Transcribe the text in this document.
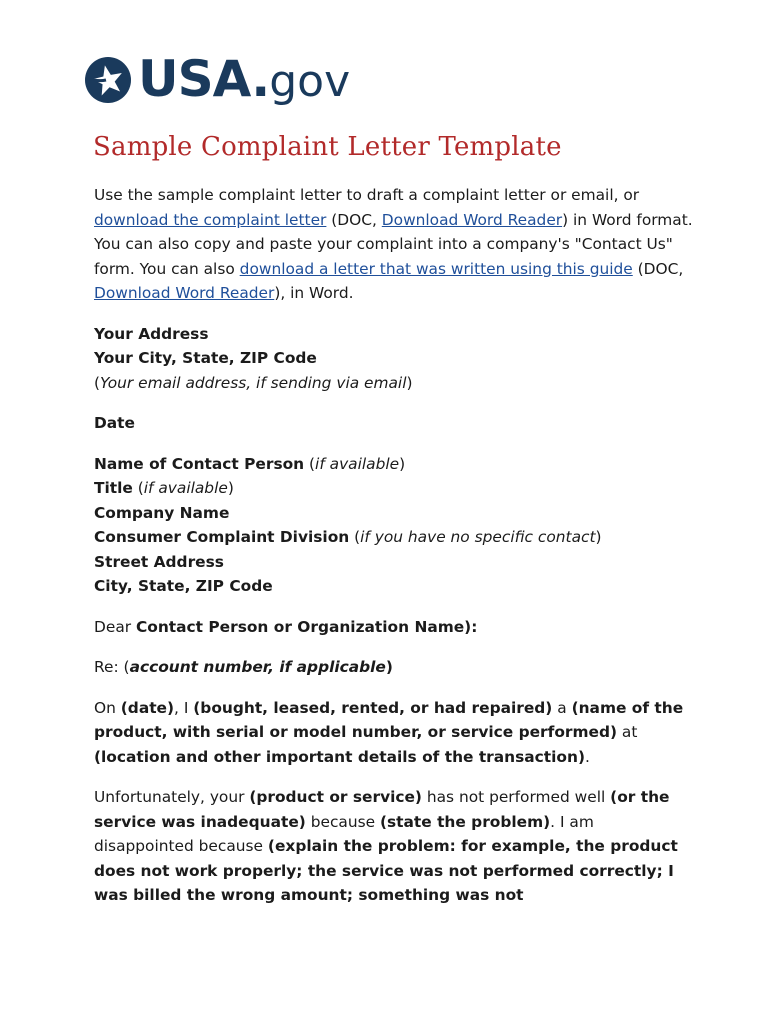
USA.gov
Sample Complaint Letter Template

Use the sample complaint letter to draft a complaint letter or email, or download the complaint letter (DOC, Download Word Reader) in Word format. You can also copy and paste your complaint into a company's "Contact Us" form. You can also download a letter that was written using this guide (DOC, Download Word Reader), in Word.

Your Address
Your City, State, ZIP Code
(Your email address, if sending via email)

Date

Name of Contact Person (if available)
Title (if available)
Company Name
Consumer Complaint Division (if you have no specific contact)
Street Address
City, State, ZIP Code

Dear Contact Person or Organization Name):

Re: (account number, if applicable)

On (date), I (bought, leased, rented, or had repaired) a (name of the product, with serial or model number, or service performed) at (location and other important details of the transaction).

Unfortunately, your (product or service) has not performed well (or the service was inadequate) because (state the problem). I am disappointed because (explain the problem: for example, the product does not work properly; the service was not performed correctly; I was billed the wrong amount; something was not
